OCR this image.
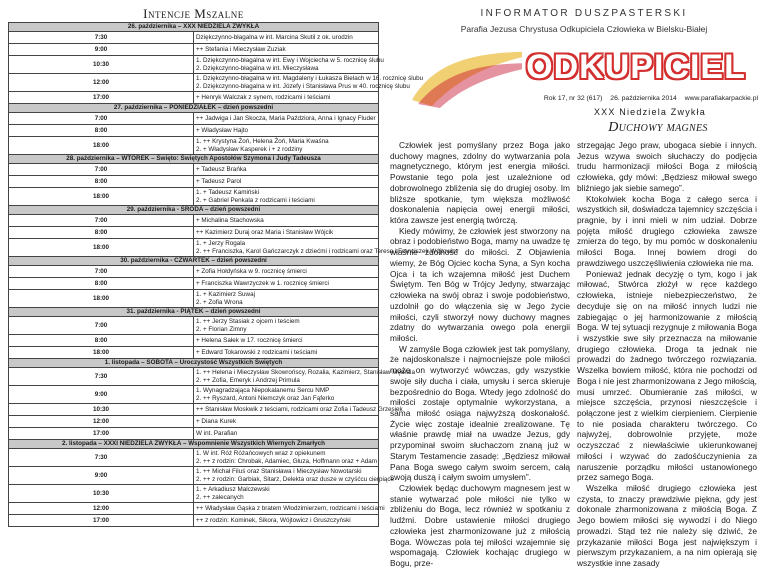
Intencje Mszalne
26. października – XXX NIEDZIELA ZWYKŁA	
7:30	Dziękczynno-błagalna w int. Marcina Skutil z ok. urodzin

9:00	++ Stefania i Mieczysław Zuziak

10:30	1. Dziękczynno-błagalna w int. Ewy i Wojciecha w 5. rocznicę ślubu
2. Dziękczynno-błagalna w int. Mieczysława

12:00	1. Dziękczynno-błagalna w int. Magdaleny i Łukasza Bielach w 16. rocznicę ślubu
2. Dziękczynno-błagalna w int. Józefy i Stanisława Prus w 40. rocznicę ślubu

17:00	+ Henryk Walczak z synem, rodzicami i teściami

27. października – PONIEDZIAŁEK – dzień powszedni	
7:00	++ Jadwiga i Jan Skocza, Maria Paździora, Anna i Ignacy Fluder

8:00	+ Władysław Hajto

18:00	1. ++ Krystyna Żoń, Helena Żoń, Maria Kwaśna
2. + Władysław Kasperek i + z rodziny

28. października – WTOREK – Święto: Świętych Apostołów Szymona i Judy Tadeusza	
7:00	+ Tadeusz Brańka

8:00	+ Tadeusz Parol

18:00	1. + Tadeusz Kamiński
2. + Gabriel Penkala z rodzicami i teściami

29. października - ŚRODA – dzień powszedni	
7:00	+ Michalina Stachowska

8:00	++ Kazimierz Duraj oraz Maria i Stanisław Wójcik

18:00	1. + Jerzy Rogala
2. ++ Franciszka, Karol Gańczarczyk z dziećmi i rodzicami oraz Teresa i Franciszek Wójtowicz

30. października - CZWARTEK – dzień powszedni	
7:00	+ Zofia Hołdyńska w 9. rocznicę śmierci

8:00	+ Franciszka Wawrzyczek w 1. rocznicę śmierci

18:00	1. + Kazimierz Suwaj
2. + Zofia Wrona

31. października - PIĄTEK – dzień powszedni	
7:00	1. ++ Jerzy Stasiak z ojcem i teściem
2. + Florian Zimny

8:00	+ Helena Sałek w 17. rocznicę śmierci

18:00	+ Edward Tokarowski z rodzicami i teściami

1. listopada – SOBOTA – Uroczystość Wszystkich Świętych	
7:30	1. ++ Helena i Mieczysław Skowrońscy, Rozalia, Kazimierz, Stanisław Mędrala
2. ++ Zofia, Emeryk i Andrzej Primula

9:00	1. Wynagradzająca Niepokalanemu Sercu NMP
2. ++ Ryszard, Antoni Niemczyk oraz Jan Fąferko

10:30	++ Stanisław Moskwik z teściami, rodzicami oraz Zofia i Tadeusz Grzesiek

12:00	+ Diana Kurek

17:00	W int. Parafian

2. listopada – XXXI NIEDZIELA ZWYKŁA – Wspomnienie Wszystkich Wiernych Zmarłych	
7:30	1. W int. Róż Różańcowych wraz z opiekunem
2. ++ z rodzin: Chrobak, Adamiec, Głuza, Hoffmann oraz + Adam

9:00	1. ++ Michał Filuś oraz Stanisława i Mieczysław Nowotarski
2. ++ z rodzin: Garbiak, Sitarz, Delekta oraz dusze w czyśćcu cierpiące

10:30	1. + Arkadiusz Malczewski
2. ++ zalecanych

12:00	++ Władysław Gąska z bratem Włodzimierzem, rodzicami i teściami

17:00	++ z rodzin: Kominek, Sikora, Wójtowicz i Gruszczyński
INFORMATOR DUSZPASTERSKI
Parafia Jezusa Chrystusa Odkupiciela Człowieka w Bielsku-Białej
ODKUPICIEL
Rok 17, nr 32 (617) 26. października 2014 www.parafiakarpackie.pl
XXX Niedziela Zwykła
Duchowy magnes

Człowiek jest pomyślany przez Boga jako duchowy magnes, zdolny do wytwarzania pola magnetycznego, którym jest energia miłości. Powstanie tego pola jest uzależnione od dobrowolnego zbliżenia się do drugiej osoby. Im bliższe spotkanie, tym większa możliwość doskonalenia napięcia owej energii miłości, która zawsze jest energią twórczą.

Kiedy mówimy, że człowiek jest stworzony na obraz i podobieństwo Boga, mamy na uwadze tę właśnie zdolność do miłości. Z Objawienia wiemy, że Bóg Ojciec kocha Syna, a Syn kocha Ojca i ta ich wzajemna miłość jest Duchem Świętym. Ten Bóg w Trójcy Jedyny, stwarzając człowieka na swój obraz i swoje podobieństwo, uzdolnił go do włączenia się w Jego życie miłości, czyli stworzył nowy duchowy magnes zdatny do wytwarzania owego pola energii miłości.

W zamyśle Boga człowiek jest tak pomyślany, że najdoskonalsze i najmocniejsze pole miłości może on wytworzyć wówczas, gdy wszystkie swoje siły ducha i ciała, umysłu i serca skieruje bezpośrednio do Boga. Wtedy jego zdolność do miłości zostaje optymalnie wykorzystana, a sama miłość osiąga najwyższą doskonałość. Życie więc zostaje idealnie zrealizowane. Tę właśnie prawdę miał na uwadze Jezus, gdy przypominał swoim słuchaczom znaną już w Starym Testamencie zasadę: „Będziesz miłował Pana Boga swego całym swoim sercem, całą swoją duszą i całym swoim umysłem”.

Człowiek będąc duchowym magnesem jest w stanie wytwarzać pole miłości nie tylko w zbliżeniu do Boga, lecz również w spotkaniu z ludźmi. Dobre ustawienie miłości drugiego człowieka jest zharmonizowane już z miłością Boga. Wówczas pola tej miłości wzajemnie się wspomagają. Człowiek kochając drugiego w Bogu, prze-

strzegając Jego praw, ubogaca siebie i innych. Jezus wzywa swoich słuchaczy do podjęcia trudu harmonizacji miłości Boga z miłością człowieka, gdy mówi: „Będziesz miłował swego bliźniego jak siebie samego”.

Ktokolwiek kocha Boga z całego serca i wszystkich sił, doświadcza tajemnicy szczęścia i pragnie, by i inni mieli w nim udział. Dobrze pojęta miłość drugiego człowieka zawsze zmierza do tego, by mu pomóc w doskonaleniu miłości Boga. Innej bowiem drogi do prawdziwego uszczęśliwienia człowieka nie ma.

Ponieważ jednak decyzję o tym, kogo i jak miłować, Stwórca złożył w ręce każdego człowieka, istnieje niebezpieczeństwo, że decyduje się on na miłość innych ludzi nie zabiegając o jej harmonizowanie z miłością Boga. W tej sytuacji rezygnuje z miłowania Boga i wszystkie swe siły przeznacza na miłowanie drugiego człowieka. Droga ta jednak nie prowadzi do żadnego twórczego rozwiązania. Wszelka bowiem miłość, która nie pochodzi od Boga i nie jest zharmonizowana z Jego miłością, musi umrzeć. Obumieranie zaś miłości, w miejsce szczęścia, przynosi nieszczęście i połączone jest z wielkim cierpieniem. Cierpienie to nie posiada charakteru twórczego. Co najwyżej, dobrowolnie przyjęte, może oczyszczać z niewłaściwie ukierunkowanej miłości i wzywać do zadośćuczynienia za naruszenie porządku miłości ustanowionego przez samego Boga.

Wszelka miłość drugiego człowieka jest czysta, to znaczy prawdziwie piękna, gdy jest dokonale zharmonizowana z miłością Boga. Z Jego bowiem miłości się wywodzi i do Niego prowadzi. Stąd też nie należy się dziwić, że przykazanie miłości Boga jest największym i pierwszym przykazaniem, a na nim opierają się wszystkie inne zasady
